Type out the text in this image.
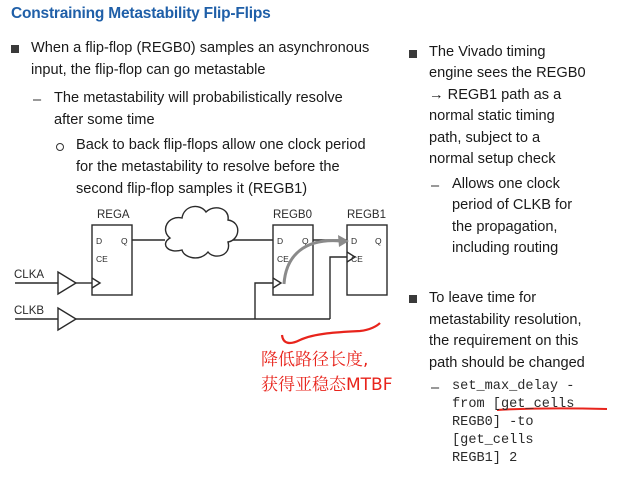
Constraining Metastability Flip-Flips
When a flip-flop (REGB0) samples an asynchronous
input, the flip-flop can go metastable
– The metastability will probabilistically resolve
after some time
Back to back flip-flops allow one clock period
for the metastability to resolve before the
second flip-flop samples it (REGB1)
D Q
CE
D Q
CE
D Q
CE
REGA	REGB0	REGB1
CLKA
CLKB
降低路径长度,
获得亚稳态MTBF
The Vivado timing
engine sees the REGB0
→ REGB1 path as a
normal static timing
path, subject to a
normal setup check
– Allows one clock
period of CLKB for
the propagation,
including routing
To leave time for
metastability resolution,
the requirement on this
path should be changed
– set_max_delay -
from [get_cells
REGB0] -to
[get_cells
REGB1] 2
